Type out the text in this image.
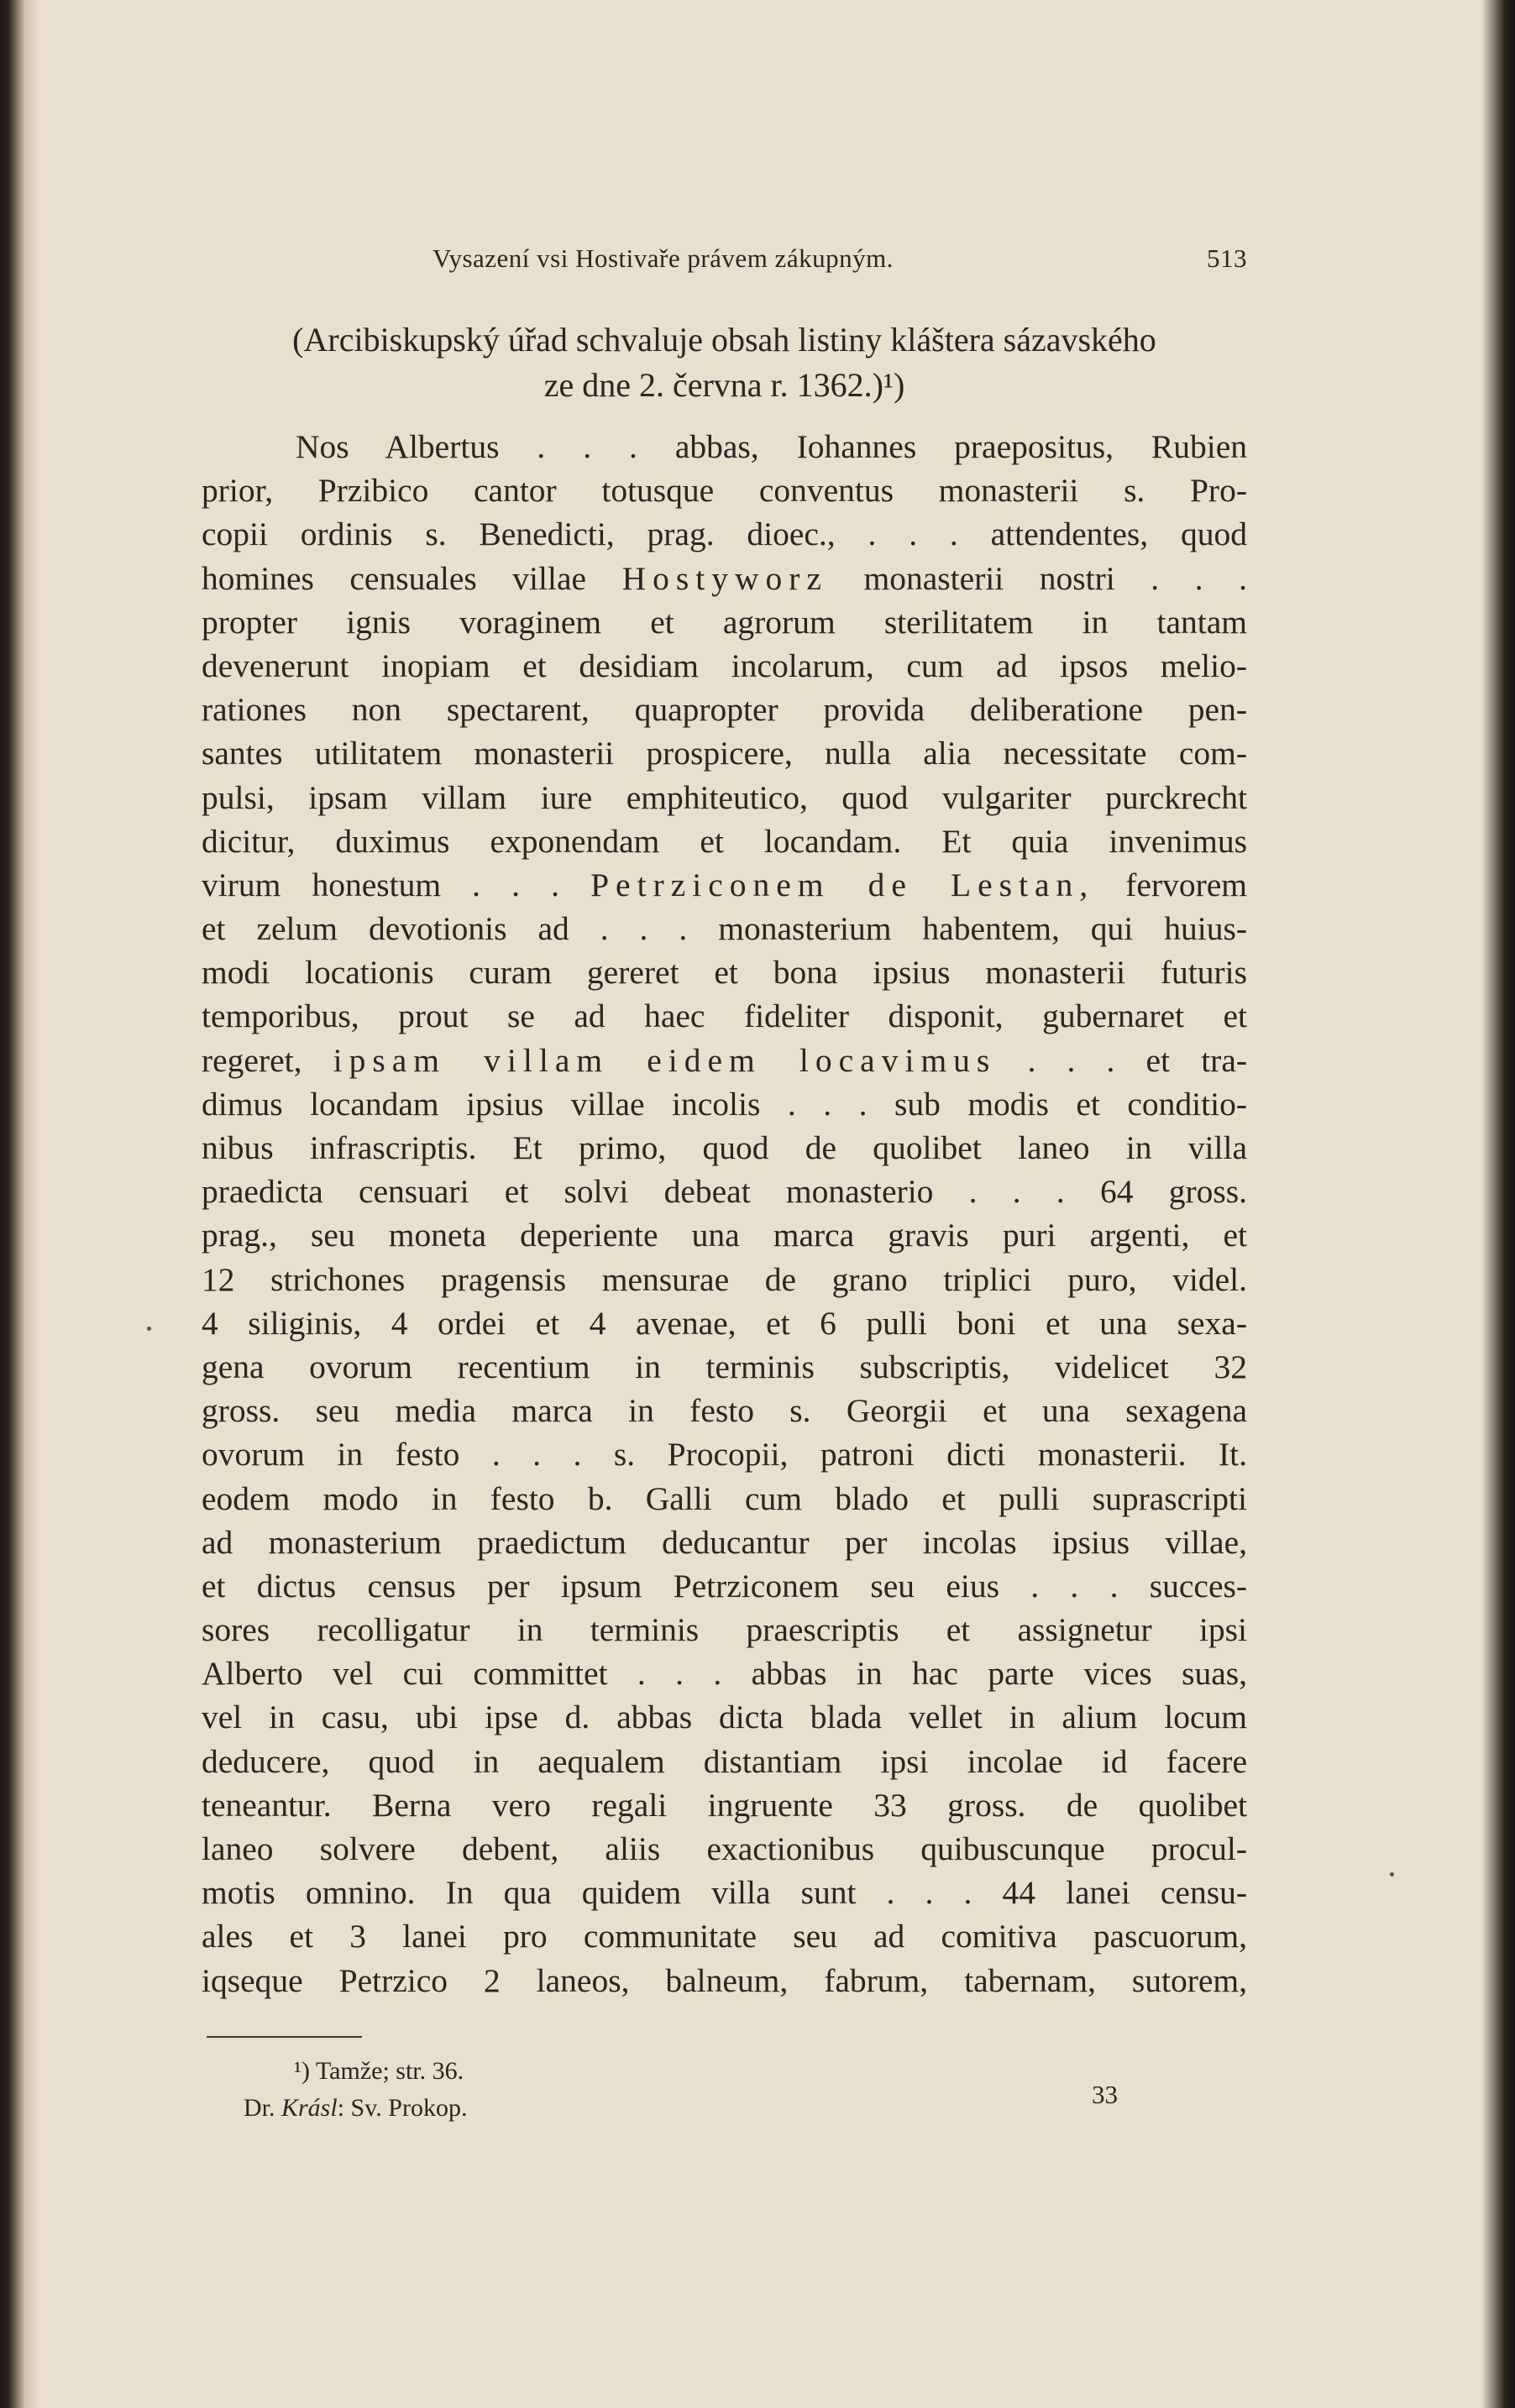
Vysazení vsi Hostivaře právem zákupným.	513
(Arcibiskupský úřad schvaluje obsah listiny kláštera sázavského
ze dne 2. června r. 1362.)¹)
Nos Albertus . . . abbas, Iohannes praepositus, Rubien
prior, Przibico cantor totusque conventus monasterii s. Pro-
copii ordinis s. Benedicti, prag. dioec., . . . attendentes, quod
homines censuales villae Hostyworz monasterii nostri . . .
propter ignis voraginem et agrorum sterilitatem in tantam
devenerunt inopiam et desidiam incolarum, cum ad ipsos melio-
rationes non spectarent, quapropter provida deliberatione pen-
santes utilitatem monasterii prospicere, nulla alia necessitate com-
pulsi, ipsam villam iure emphiteutico, quod vulgariter purckrecht
dicitur, duximus exponendam et locandam. Et quia invenimus
virum honestum . . . Petrziconem de Lestan, fervorem
et zelum devotionis ad . . . monasterium habentem, qui huius-
modi locationis curam gereret et bona ipsius monasterii futuris
temporibus, prout se ad haec fideliter disponit, gubernaret et
regeret, ipsam villam eidem locavimus . . . et tra-
dimus locandam ipsius villae incolis . . . sub modis et conditio-
nibus infrascriptis. Et primo, quod de quolibet laneo in villa
praedicta censuari et solvi debeat monasterio . . . 64 gross.
prag., seu moneta deperiente una marca gravis puri argenti, et
12 strichones pragensis mensurae de grano triplici puro, videl.
4 siliginis, 4 ordei et 4 avenae, et 6 pulli boni et una sexa-
gena ovorum recentium in terminis subscriptis, videlicet 32
gross. seu media marca in festo s. Georgii et una sexagena
ovorum in festo . . . s. Procopii, patroni dicti monasterii. It.
eodem modo in festo b. Galli cum blado et pulli suprascripti
ad monasterium praedictum deducantur per incolas ipsius villae,
et dictus census per ipsum Petrziconem seu eius . . . succes-
sores recolligatur in terminis praescriptis et assignetur ipsi
Alberto vel cui committet . . . abbas in hac parte vices suas,
vel in casu, ubi ipse d. abbas dicta blada vellet in alium locum
deducere, quod in aequalem distantiam ipsi incolae id facere
teneantur. Berna vero regali ingruente 33 gross. de quolibet
laneo solvere debent, aliis exactionibus quibuscunque procul-
motis omnino. In qua quidem villa sunt . . . 44 lanei censu-
ales et 3 lanei pro communitate seu ad comitiva pascuorum,
iqseque Petrzico 2 laneos, balneum, fabrum, tabernam, sutorem,
¹) Tamže; str. 36.
Dr. Krásl: Sv. Prokop.	33
